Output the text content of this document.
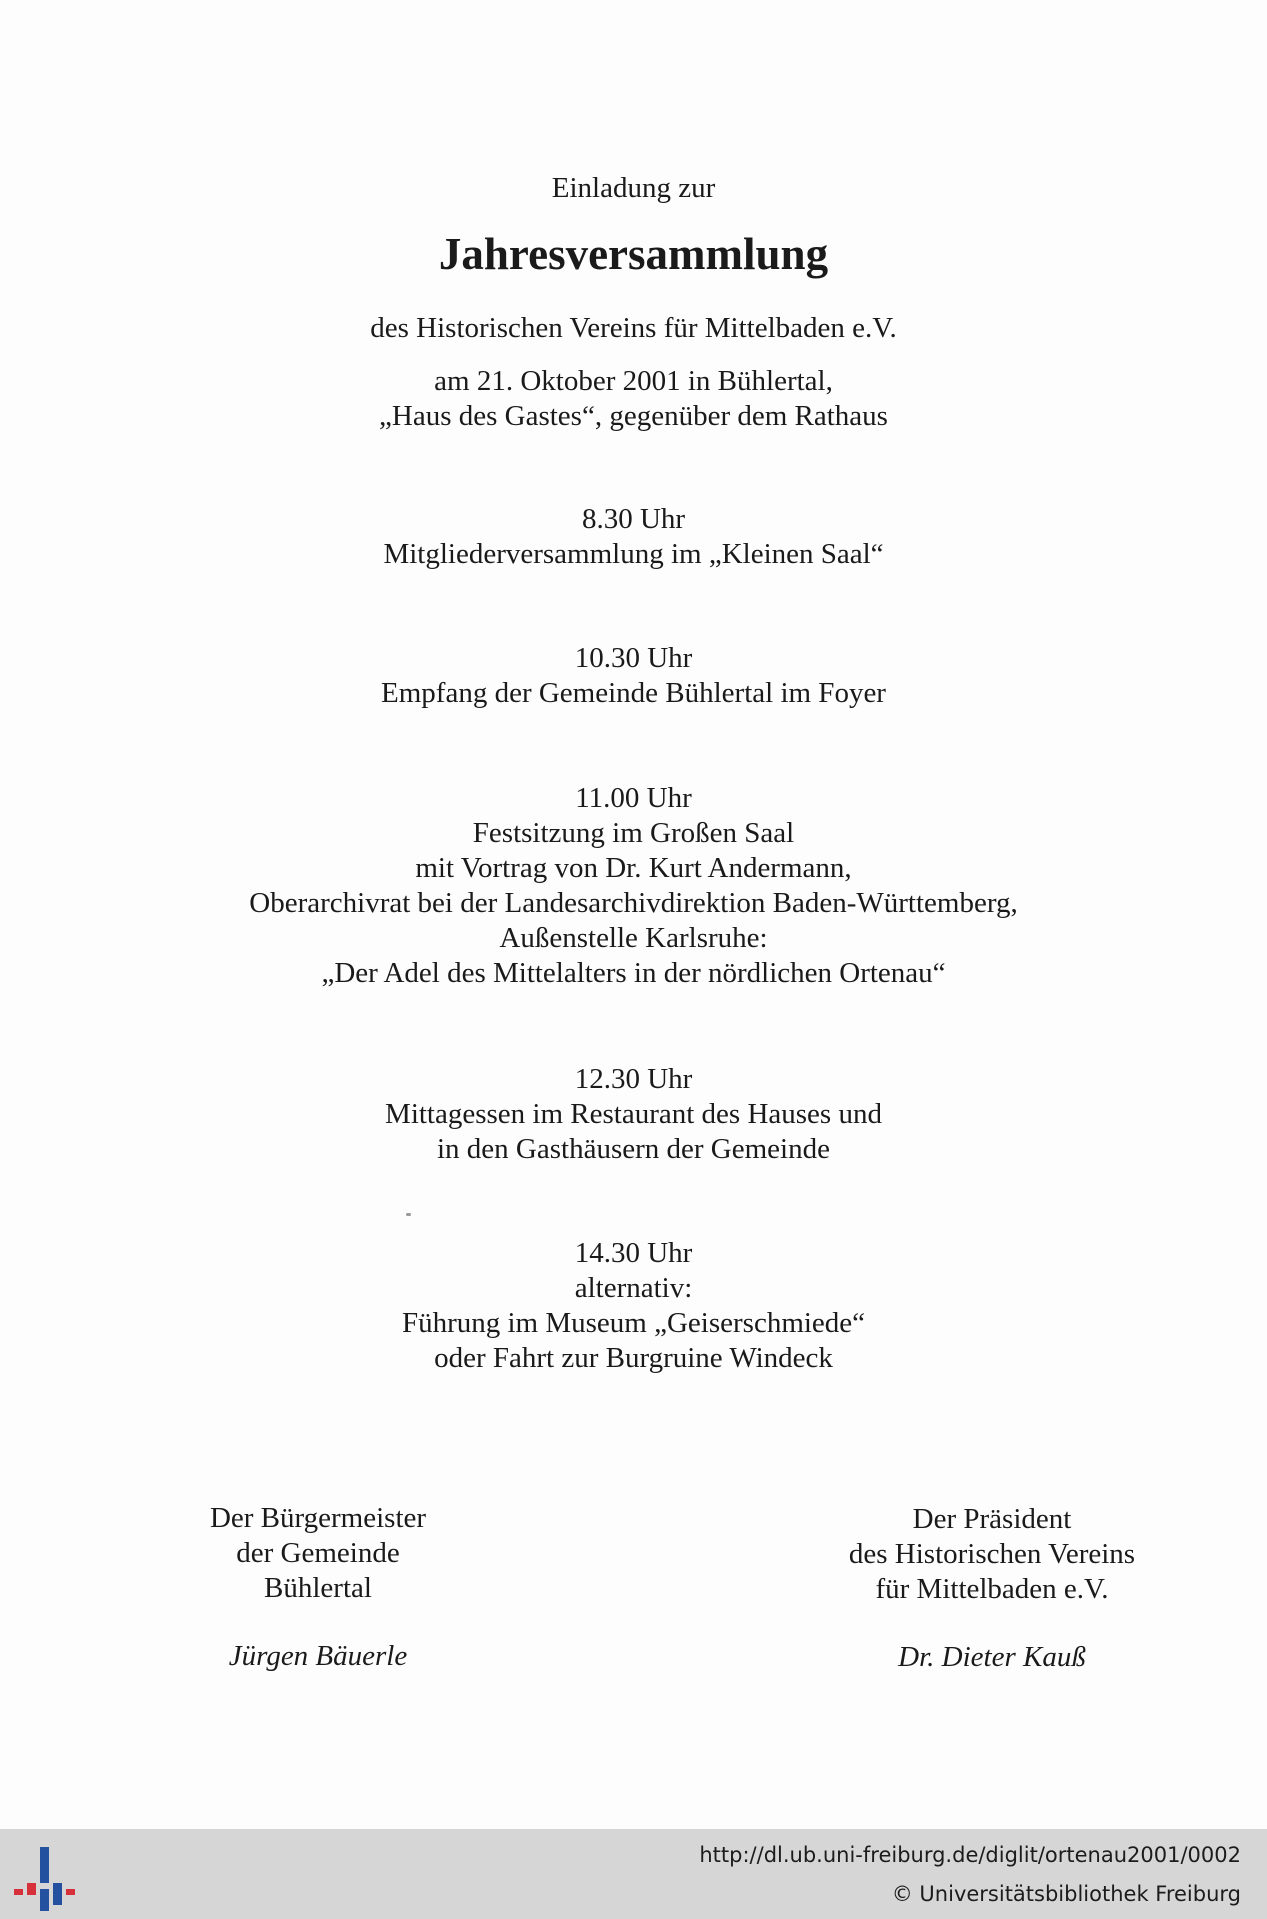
Einladung zur
Jahresversammlung
des Historischen Vereins für Mittelbaden e.V.
am 21. Oktober 2001 in Bühlertal,
„Haus des Gastes“, gegenüber dem Rathaus
8.30 Uhr
Mitgliederversammlung im „Kleinen Saal“
10.30 Uhr
Empfang der Gemeinde Bühlertal im Foyer
11.00 Uhr
Festsitzung im Großen Saal
mit Vortrag von Dr. Kurt Andermann,
Oberarchivrat bei der Landesarchivdirektion Baden-Württemberg,
Außenstelle Karlsruhe:
„Der Adel des Mittelalters in der nördlichen Ortenau“
12.30 Uhr
Mittagessen im Restaurant des Hauses und
in den Gasthäusern der Gemeinde
14.30 Uhr
alternativ:
Führung im Museum „Geiserschmiede“
oder Fahrt zur Burgruine Windeck
Der Bürgermeister
der Gemeinde
Bühlertal
Jürgen Bäuerle
Der Präsident
des Historischen Vereins
für Mittelbaden e.V.
Dr. Dieter Kauß
http://dl.ub.uni-freiburg.de/diglit/ortenau2001/0002
© Universitätsbibliothek Freiburg
